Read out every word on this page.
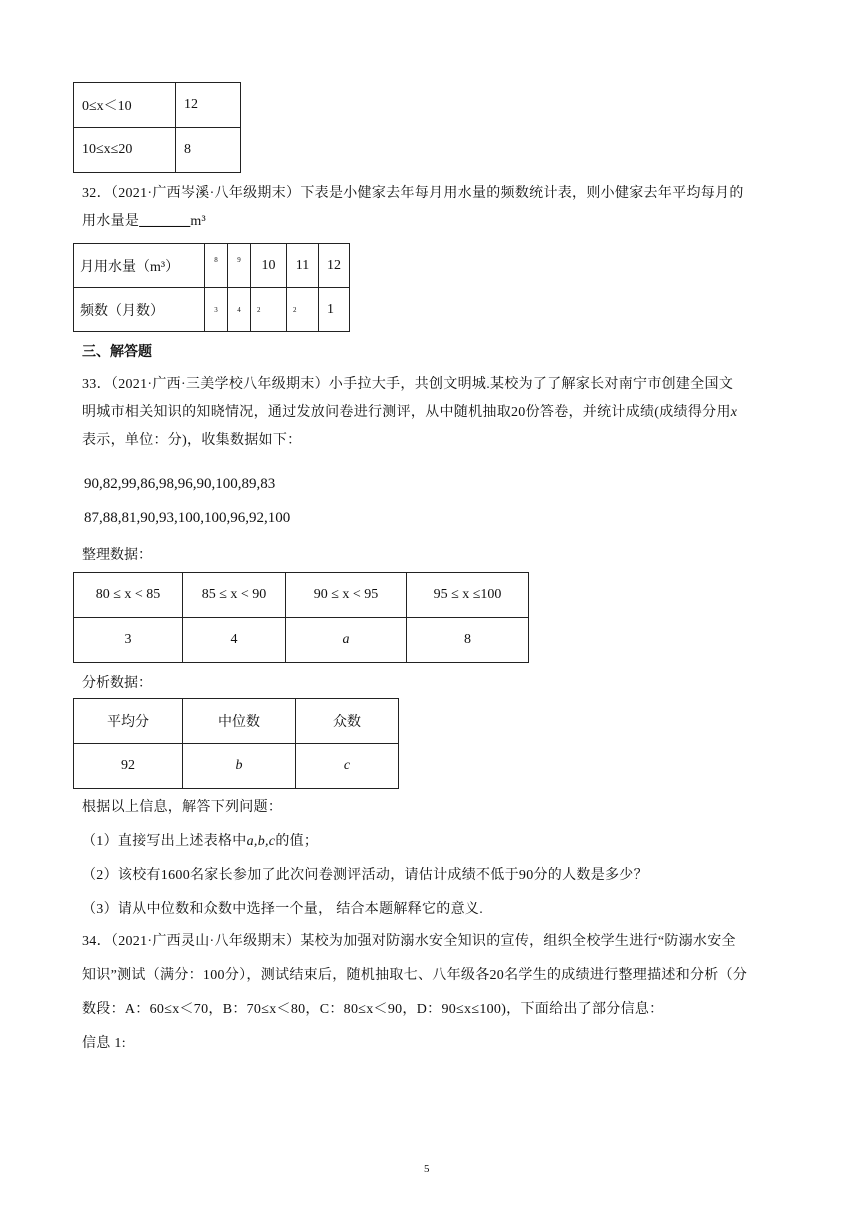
0≤x＜10	12
10≤x≤20	8
32．（2021·广西岑溪·八年级期末）下表是小健家去年每月用水量的频数统计表，则小健家去年平均每月的
用水量是_______m³
月用水量（m³）	8	9	10	11	12
频数（月数）	3	4	2	2	1
三、解答题
33．（2021·广西·三美学校八年级期末）小手拉大手，共创文明城.某校为了了解家长对南宁市创建全国文
明城市相关知识的知晓情况，通过发放问卷进行测评，从中随机抽取20份答卷，并统计成绩(成绩得分用x
表示，单位：分)，收集数据如下：
90,82,99,86,98,96,90,100,89,83
87,88,81,90,93,100,100,96,92,100
整理数据：
80 ≤ x < 85	85 ≤ x < 90	90 ≤ x < 95	95 ≤ x ≤100
3	4	a	8
分析数据：
平均分	中位数	众数
92	b	c
根据以上信息，解答下列问题：
（1）直接写出上述表格中a,b,c的值；
（2）该校有1600名家长参加了此次问卷测评活动，请估计成绩不低于90分的人数是多少？
（3）请从中位数和众数中选择一个量， 结合本题解释它的意义.
34．（2021·广西灵山·八年级期末）某校为加强对防溺水安全知识的宣传，组织全校学生进行“防溺水安全
知识”测试（满分：100分），测试结束后，随机抽取七、八年级各20名学生的成绩进行整理描述和分析（分
数段：A：60≤x＜70，B：70≤x＜80，C：80≤x＜90，D：90≤x≤100)，下面给出了部分信息：
信息 1:
5
